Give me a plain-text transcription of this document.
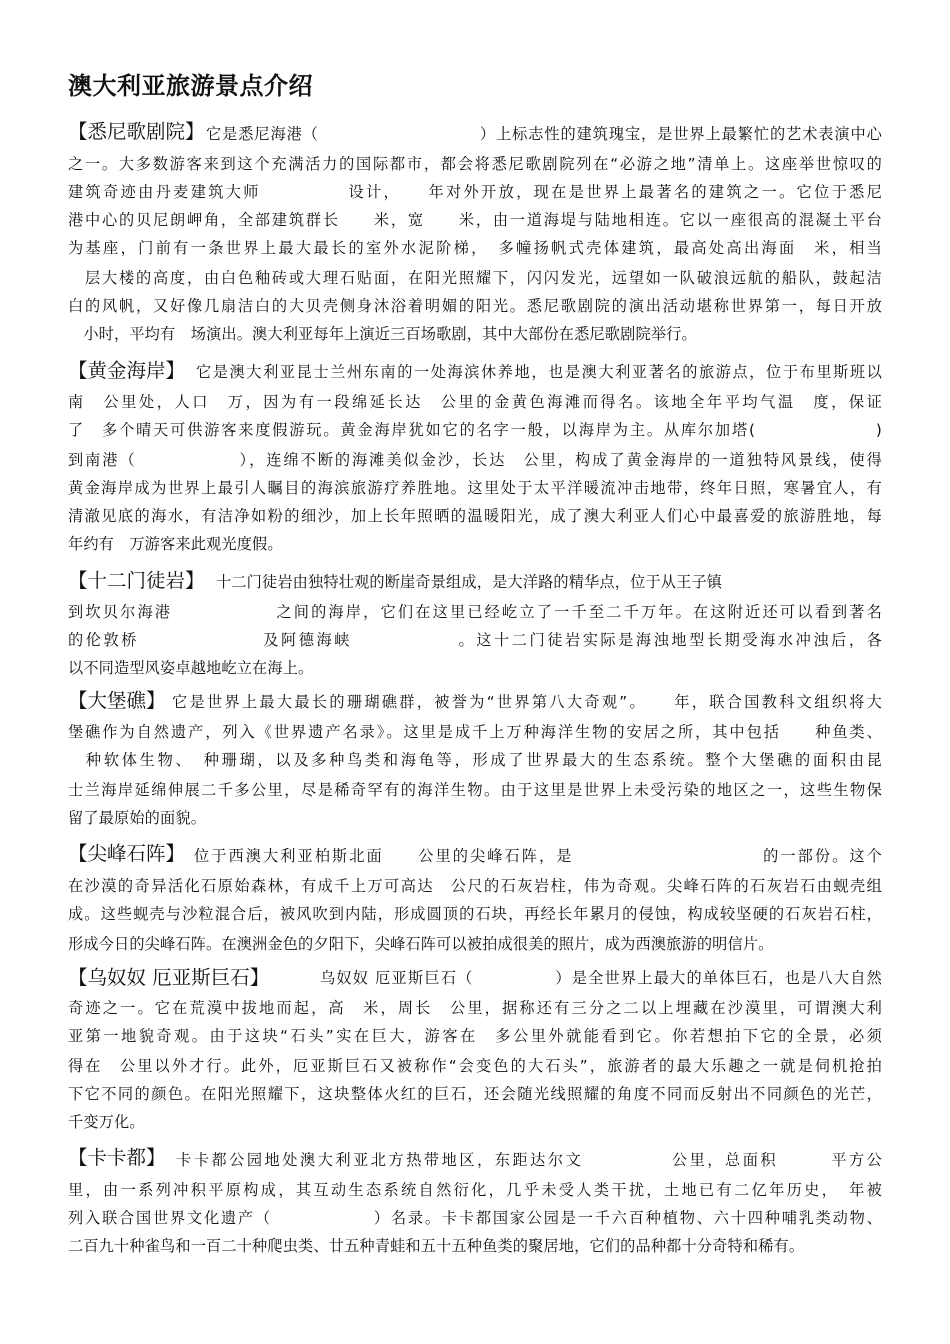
澳大利亚旅游景点介绍
【悉尼歌剧院】 它是悉尼海港（　　　　　　　　　　）上标志性的建筑瑰宝，是世界上最繁忙的艺术表演中心
之一。大多数游客来到这个充满活力的国际都市，都会将悉尼歌剧院列在“必游之地”清单上。这座举世惊叹的
建筑奇迹由丹麦建筑大师　　　　　设计，　　年对外开放，现在是世界上最著名的建筑之一。它位于悉尼
港中心的贝尼朗岬角，全部建筑群长　　米，宽　　米，由一道海堤与陆地相连。它以一座很高的混凝土平台
为基座，门前有一条世界上最大最长的室外水泥阶梯，　多幢扬帆式壳体建筑，最高处高出海面　米，相当
　层大楼的高度，由白色釉砖或大理石贴面，在阳光照耀下，闪闪发光，远望如一队破浪远航的船队，鼓起洁
白的风帆，又好像几扇洁白的大贝壳侧身沐浴着明媚的阳光。悉尼歌剧院的演出活动堪称世界第一，每日开放
　小时，平均有　场演出。澳大利亚每年上演近三百场歌剧，其中大部份在悉尼歌剧院举行。
【黄金海岸】 它是澳大利亚昆士兰州东南的一处海滨休养地，也是澳大利亚著名的旅游点，位于布里斯班以
南　公里处，人口　万，因为有一段绵延长达　公里的金黄色海滩而得名。该地全年平均气温　度，保证
了　多个晴天可供游客来度假游玩。黄金海岸犹如它的名字一般，以海岸为主。从库尔加塔(　　　　　　　)
到南港（　　　　　　），连绵不断的海滩美似金沙，长达　公里，构成了黄金海岸的一道独特风景线，使得
黄金海岸成为世界上最引人瞩目的海滨旅游疗养胜地。这里处于太平洋暖流冲击地带，终年日照，寒暑宜人，有
清澈见底的海水，有洁净如粉的细沙，加上长年照晒的温暖阳光，成了澳大利亚人们心中最喜爱的旅游胜地，每
年约有　万游客来此观光度假。
【十二门徒岩】 十二门徒岩由独特壮观的断崖奇景组成，是大洋路的精华点，位于从王子镇
到坎贝尔海港　　　　　　之间的海岸，它们在这里已经屹立了一千至二千万年。在这附近还可以看到著名
的伦敦桥　　　　　　　及阿德海峡　　　　　　。这十二门徒岩实际是海浊地型长期受海水冲浊后，各
以不同造型风姿卓越地屹立在海上。
【大堡礁】 它是世界上最大最长的珊瑚礁群，被誉为“世界第八大奇观”。　　年，联合国教科文组织将大
堡礁作为自然遗产，列入《世界遗产名录》。这里是成千上万种海洋生物的安居之所，其中包括　　种鱼类、
　种软体生物、　种珊瑚，以及多种鸟类和海龟等，形成了世界最大的生态系统。整个大堡礁的面积由昆
士兰海岸延绵伸展二千多公里，尽是稀奇罕有的海洋生物。由于这里是世界上未受污染的地区之一，这些生物保
留了最原始的面貌。
【尖峰石阵】 位于西澳大利亚柏斯北面　　公里的尖峰石阵，是　　　　　　　　　　　的一部份。这个
在沙漠的奇异活化石原始森林，有成千上万可高达　公尺的石灰岩柱，伟为奇观。尖峰石阵的石灰岩石由蚬壳组
成。这些蚬壳与沙粒混合后，被风吹到内陆，形成圆顶的石块，再经长年累月的侵蚀，构成较坚硬的石灰岩石柱，
形成今日的尖峰石阵。在澳洲金色的夕阳下，尖峰石阵可以被拍成很美的照片，成为西澳旅游的明信片。
【乌奴奴 厄亚斯巨石】	乌奴奴 厄亚斯巨石（　　　　　）是全世界上最大的单体巨石，也是八大自然
奇迹之一。它在荒漠中拔地而起，高　米，周长　公里，据称还有三分之二以上埋藏在沙漠里，可谓澳大利
亚第一地貌奇观。由于这块“石头”实在巨大，游客在　多公里外就能看到它。你若想拍下它的全景，必须
得在　公里以外才行。此外，厄亚斯巨石又被称作“会变色的大石头”，旅游者的最大乐趣之一就是伺机抢拍
下它不同的颜色。在阳光照耀下，这块整体火红的巨石，还会随光线照耀的角度不同而反射出不同颜色的光芒，
千变万化。
【卡卡都】 卡卡都公园地处澳大利亚北方热带地区，东距达尔文　　　　　公里，总面积　　　平方公
里，由一系列冲积平原构成，其互动生态系统自然衍化，几乎未受人类干扰，土地已有二亿年历史，　年被
列入联合国世界文化遗产（　　　　　　）名录。卡卡都国家公园是一千六百种植物、六十四种哺乳类动物、
二百九十种雀鸟和一百二十种爬虫类、廿五种青蛙和五十五种鱼类的聚居地，它们的品种都十分奇特和稀有。
